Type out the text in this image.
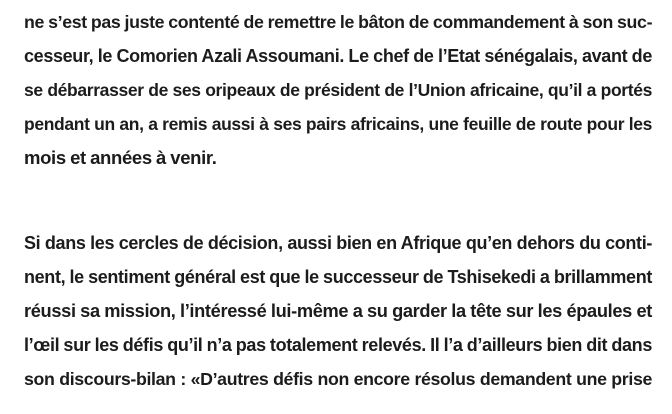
ne s’est pas juste contenté de remettre le bâton de commandement à son suc-
cesseur, le Comorien Azali Assoumani. Le chef de l’Etat sénégalais, avant de
se débarrasser de ses oripeaux de président de l’Union africaine, qu’il a portés
pendant un an, a remis aussi à ses pairs africains, une feuille de route pour les
mois et années à venir.
Si dans les cercles de décision, aussi bien en Afrique qu’en dehors du conti-
nent, le sentiment général est que le successeur de Tshisekedi a brillamment
réussi sa mission, l’intéressé lui-même a su garder la tête sur les épaules et
l’œil sur les défis qu’il n’a pas totalement relevés. Il l’a d’ailleurs bien dit dans
son discours-bilan : «D’autres défis non encore résolus demandent une prise
